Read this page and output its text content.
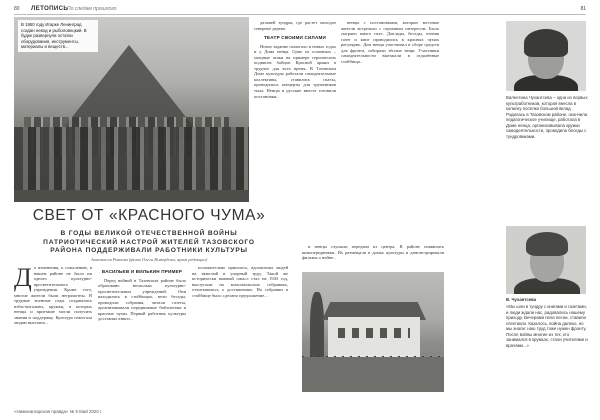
80 ЛЕТОПИСЬ
По следам прошлого	81
В 1950 году Игарке Ленинград создан невод и рыболовецкий. В будке развернули остатки оборудования, инструменты, материалы и веществ...

дальней тундры, где растет молодое северное дерево.

ТЕАТР СВОИМИ СИЛАМИ

Новое задание помогало в новых годах и у Дома ненца. Одно из основных – мощные атаки на примере героических подвигов бойцов Красной армии в трудное для всех время. В Тазовском Доме культуры работали самодеятельные коллективы, ставились пьесы, проводились концерты для тружеников тыла. Ненцы и русские вместе готовили постановки...

ненцы с постановками, которые местные жители встречали с огромным интересом. Было сыграно много пьес. Доклады, беседы, чтения газет и книг проводились в красных чумах регулярно. Дом ненца участвовал в сборе средств для фронта, собирали тёплые вещи. Участники самодеятельности выезжали в отдалённые стойбища...

СВЕТ ОТ «КРАСНОГО ЧУМА»
В ГОДЫ ВЕЛИКОЙ ОТЕЧЕСТВЕННОЙ ВОЙНЫ ПАТРИОТИЧЕСКИЙ НАСТРОЙ ЖИТЕЛЕЙ ТАЗОВСКОГО РАЙОНА ПОДДЕРЖИВАЛИ РАБОТНИКИ КУЛЬТУРЫ
Анастасия Ровнова (фото Олега Номердова, архив редакции)
Д о изменения, к сожалению, в нашем районе не было ни одного культурно-просветительного учреждения. Кроме того, многие жители были неграмотны. В трудные военные годы создавались избы-читальни, кружки, в которых ненцы и приезжие могли получить знания и поддержку. Культура помогала людям выстоять...
ВАСИЛЬЕВ И ВИЛЬКИН ПРИМЕР

Перед войной в Тазовском районе было образовано несколько культурно-просветительных учреждений. Они находились в стойбищах, вели беседы, проводили собрания, читали газеты, организовывали передвижные библиотеки и красные чумы. Первый работник культуры доставлял книги...

положительно пришлось, вдохновлял людей на тяжелый и упорный труд. Такой же исторически важный смысл стал на 1943 год, выступали на комсомольских собраниях, отчитывались о достижениях. На собрании в стойбище было сделано предложение...

и ненцы слушали передачи из центра. В районе появились кинопередвижки. Их размещали в домах культуры и демонстрировали фильмы о войне...

Валентина Чухантсева – одна из первых культработников, которая внесла в копилку посёлка большой вклад. Родилась в Тазовском районе, окончила педагогическое училище, работала в Доме ненца, организовывала кружки самодеятельности, проводила беседы с тундровиками.
В. Чухантсева
«Мы шли в тундру с книгами и газетами, и люди ждали нас, радовались нашему приходу. Вечерами пели песни, ставили спектакли. Казалось, война далеко, но мы знали: наш труд тоже нужен фронту. После войны многие из тех, кто занимался в кружках, стали учителями и врачами...»
«Нижнеангарская правда» № 5 Май 2020 г.
